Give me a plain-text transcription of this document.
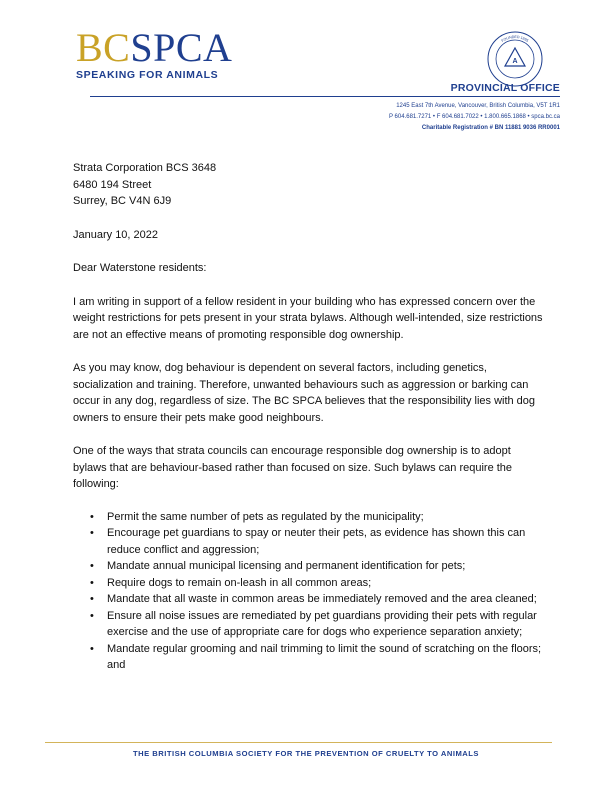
BCSPCA
SPEAKING FOR ANIMALS
FOUNDED 1895
A
PROVINCIAL OFFICE
1245 East 7th Avenue, Vancouver, British Columbia, V5T 1R1
P 604.681.7271 • F 604.681.7022 • 1.800.665.1868 • spca.bc.ca
Charitable Registration # BN 11881 9036 RR0001

Strata Corporation BCS 3648

6480 194 Street

Surrey, BC V4N 6J9

January 10, 2022

Dear Waterstone residents:

I am writing in support of a fellow resident in your building who has expressed concern over the weight restrictions for pets present in your strata bylaws. Although well-intended, size restrictions are not an effective means of promoting responsible dog ownership.

As you may know, dog behaviour is dependent on several factors, including genetics, socialization and training. Therefore, unwanted behaviours such as aggression or barking can occur in any dog, regardless of size. The BC SPCA believes that the responsibility lies with dog owners to ensure their pets make good neighbours.

One of the ways that strata councils can encourage responsible dog ownership is to adopt bylaws that are behaviour-based rather than focused on size. Such bylaws can require the following:

• Permit the same number of pets as regulated by the municipality;
• Encourage pet guardians to spay or neuter their pets, as evidence has shown this can reduce conflict and aggression;
• Mandate annual municipal licensing and permanent identification for pets;
• Require dogs to remain on-leash in all common areas;
• Mandate that all waste in common areas be immediately removed and the area cleaned;
• Ensure all noise issues are remediated by pet guardians providing their pets with regular exercise and the use of appropriate care for dogs who experience separation anxiety;
• Mandate regular grooming and nail trimming to limit the sound of scratching on the floors; and
THE BRITISH COLUMBIA SOCIETY FOR THE PREVENTION OF CRUELTY TO ANIMALS
